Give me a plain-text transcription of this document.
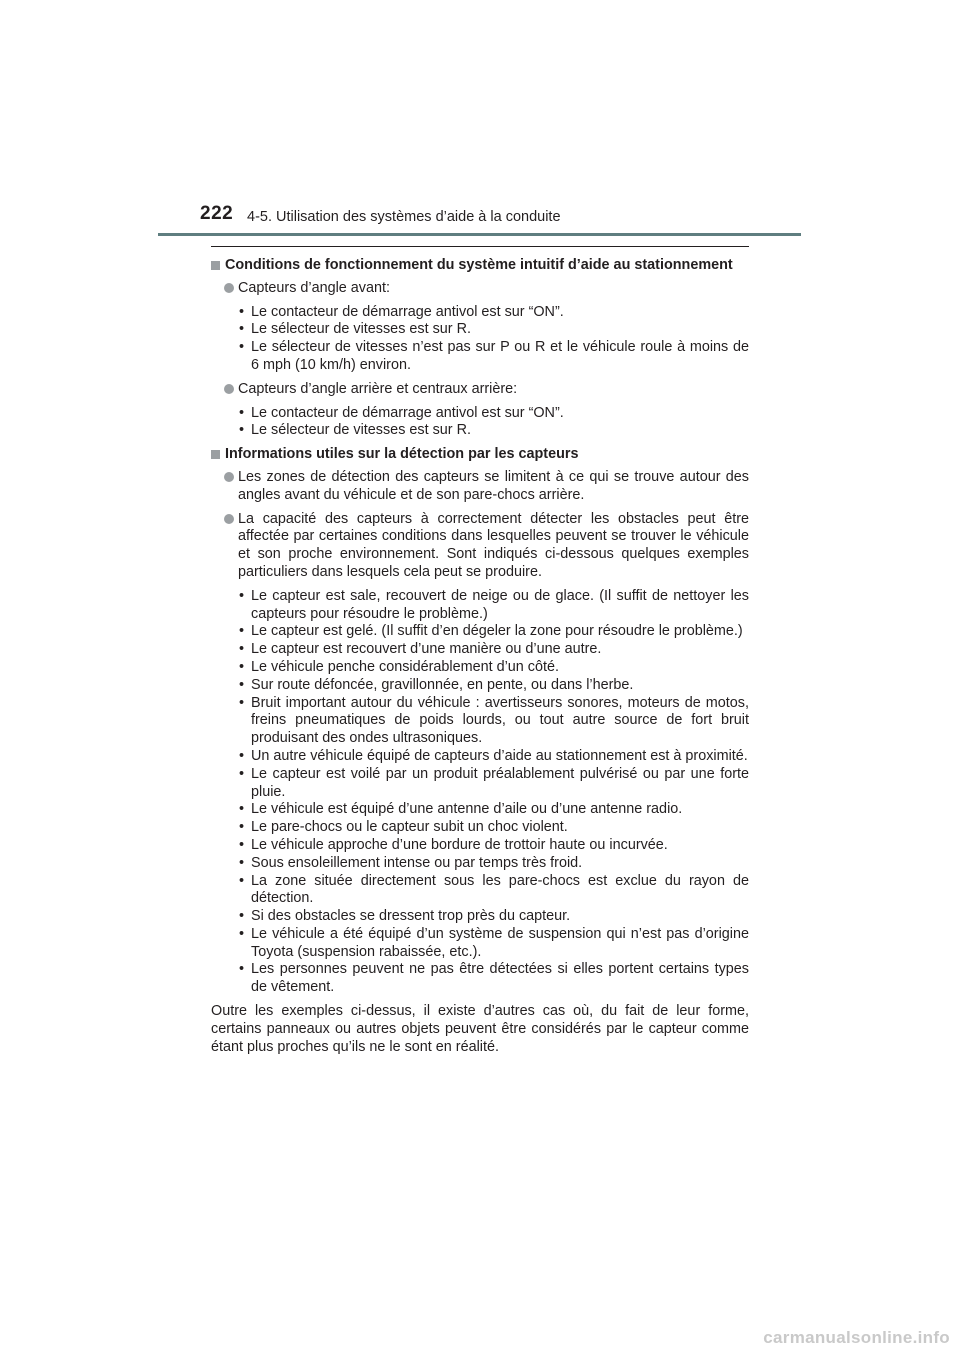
222 4-5. Utilisation des systèmes d’aide à la conduite

Conditions de fonctionnement du système intuitif d’aide au stationnement

Capteurs d’angle avant:

• Le contacteur de démarrage antivol est sur “ON”.
• Le sélecteur de vitesses est sur R.
• Le sélecteur de vitesses n’est pas sur P ou R et le véhicule roule à moins de 6 mph (10 km/h) environ.

Capteurs d’angle arrière et centraux arrière:

• Le contacteur de démarrage antivol est sur “ON”.
• Le sélecteur de vitesses est sur R.

Informations utiles sur la détection par les capteurs

Les zones de détection des capteurs se limitent à ce qui se trouve autour des angles avant du véhicule et de son pare-chocs arrière.

La capacité des capteurs à correctement détecter les obstacles peut être affectée par certaines conditions dans lesquelles peuvent se trouver le véhicule et son proche environnement. Sont indiqués ci-dessous quelques exemples particuliers dans lesquels cela peut se produire.

• Le capteur est sale, recouvert de neige ou de glace. (Il suffit de nettoyer les capteurs pour résoudre le problème.)
• Le capteur est gelé. (Il suffit d’en dégeler la zone pour résoudre le problème.)
• Le capteur est recouvert d’une manière ou d’une autre.
• Le véhicule penche considérablement d’un côté.
• Sur route défoncée, gravillonnée, en pente, ou dans l’herbe.
• Bruit important autour du véhicule : avertisseurs sonores, moteurs de motos, freins pneumatiques de poids lourds, ou tout autre source de fort bruit produisant des ondes ultrasoniques.
• Un autre véhicule équipé de capteurs d’aide au stationnement est à proximité.
• Le capteur est voilé par un produit préalablement pulvérisé ou par une forte pluie.
• Le véhicule est équipé d’une antenne d’aile ou d’une antenne radio.
• Le pare-chocs ou le capteur subit un choc violent.
• Le véhicule approche d’une bordure de trottoir haute ou incurvée.
• Sous ensoleillement intense ou par temps très froid.
• La zone située directement sous les pare-chocs est exclue du rayon de détection.
• Si des obstacles se dressent trop près du capteur.
• Le véhicule a été équipé d’un système de suspension qui n’est pas d’origine Toyota (suspension rabaissée, etc.).
• Les personnes peuvent ne pas être détectées si elles portent certains types de vêtement.

Outre les exemples ci-dessus, il existe d’autres cas où, du fait de leur forme, certains panneaux ou autres objets peuvent être considérés par le capteur comme étant plus proches qu’ils ne le sont en réalité.

carmanualsonline.info
